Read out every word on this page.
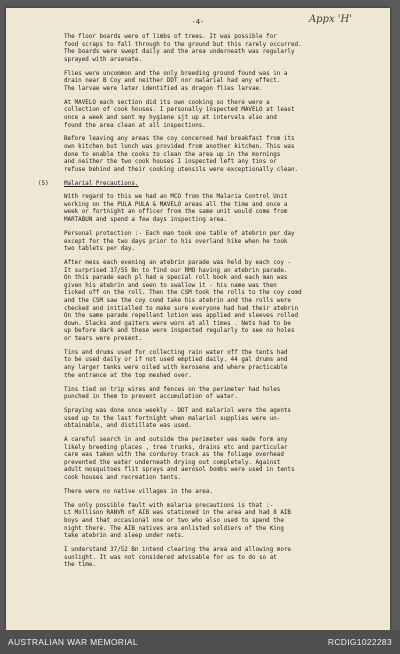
-4-	Appx 'H'

The floor boards were of limbs of trees. It was possible for
food scraps to fall through to the ground but this rarely occurred.
The boards were swept daily and the area underneath was regularly
sprayed with arsenate.

Flies were uncommon and the only breeding ground found was in a
drain near B Coy and neither DDT nor malarial had any effect.
The larvae were later identified as dragon flies larvae.

At MAVELO each section did its own cooking so there were a
collection of cook houses. I personally inspected MAVELO at least
once a week and sent my hygiene sjt up at intervals also and
found the area clean at all inspections.

Before leaving any areas the coy concerned had breakfast from its
own kitchen but lunch was provided from another kitchen. This was
done to enable the cooks to clean the area up in the mornings
and neither the two cook houses I inspected left any tins or
refuse behind and their cooking utensils were exceptionally clean.

(5)	Malarial Precautions.

With regard to this we had an MCO from the Malaria Control Unit
working on the PULA PULA & MAVELO areas all the time and once a
week or fortnight an officer from the same unit would come from
MARTABUN and spend a few days inspecting area.

Personal protection :- Each man took one table of atebrin per day
except for the two days prior to his overland hike when he took
two tablets per day.

After mess each evening an atebrin parade was held by each coy -
It surprised 37/55 Bn to find our RMO having an atebrin parade.
On this parade each pl had a special roll book and each man was
given his atebrin and seen to swallow it - his name was then
ticked off on the roll. Then the CSM took the rolls to the coy comd
and the CSM saw the coy comd take his atebrin and the rolls were
checked and initialled to make sure everyone had had their atebrin
On the same parade repellant lotion was applied and sleeves rolled
down. Slacks and gaiters were worn at all times . Nets had to be
up before dark and these were inspected regularly to see no holes
or tears were present.

Tins and drums used for collecting rain water off the tents had
to be used daily or if not used emptied daily. 44 gal drums and
any larger tanks were oiled with kerosene and where practicable
the entrance at the top meshed over.

Tins tied on trip wires and fences on the perimeter had holes
punched in them to prevent accumulation of water.

Spraying was done once weekly - DDT and malariol were the agents
used up to the last fortnight when malariol supplies were un-
obtainable, and distillate was used.

A careful search in and outside the perimeter was made form any
likely breeding places , tree trunks, drains etc and particular
care was taken with the corduroy track as the foliage overhead
prevented the water underneath drying out completely. Against
adult mosquitoes flit sprays and aerosol bombs were used in tents
cook houses and recreation tents.

There were no native villages in the area.

The only possible fault with malaria precautions is that :-
Lt Mollison RANVR of AIB was stationed in the area and had 8 AIB
boys and that occasional one or two who also used to spend the
night there. The AIB natives are enlisted soldiers of the King
take atebrin and sleep under nets.

I understand 37/52 Bn intend clearing the area and allowing more
sunlight. It was not considered advisable for us to do so at
the time.

AUSTRALIAN WAR MEMORIAL	RCDIG1022283
